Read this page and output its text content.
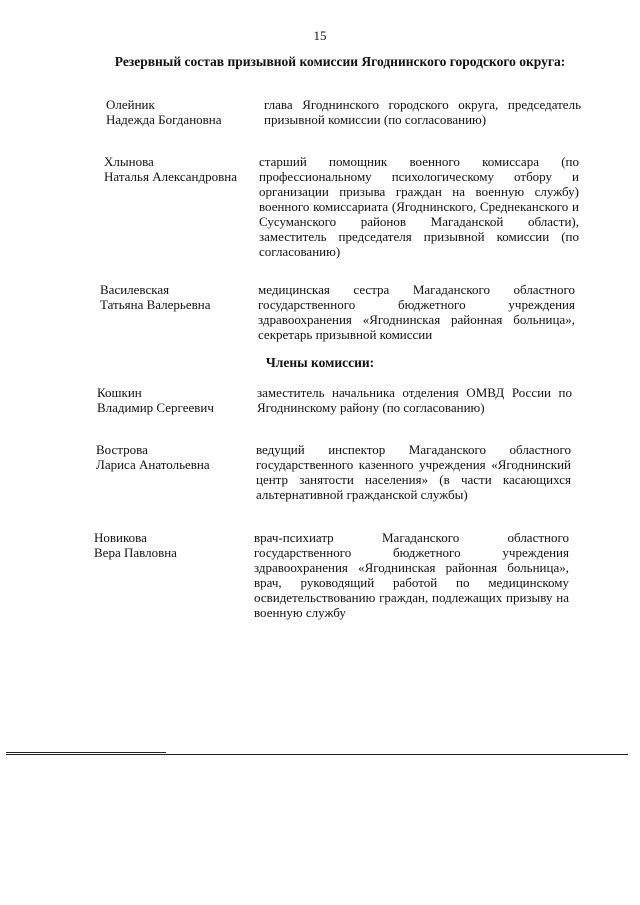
15
Резервный состав призывной комиссии Ягоднинского городского округа:
Олейник
Надежда Богдановна
глава Ягоднинского городского округа, председатель призывной комиссии (по согласованию)
Хлынова
Наталья Александровна
старший помощник военного комиссара (по профессиональному психологическому отбору и организации призыва граждан на военную службу) военного комиссариата (Ягоднинского, Среднеканского и Сусуманского районов Магаданской области), заместитель председателя призывной комиссии (по согласованию)
Василевская
Татьяна Валерьевна
медицинская сестра Магаданского областного государственного бюджетного учреждения здравоохранения «Ягоднинская районная больница», секретарь призывной комиссии
Члены комиссии:
Кошкин
Владимир Сергеевич
заместитель начальника отделения ОМВД России по Ягоднинскому району (по согласованию)
Вострова
Лариса Анатольевна
ведущий инспектор Магаданского областного государственного казенного учреждения «Ягоднинский центр занятости населения» (в части касающихся альтернативной гражданской службы)
Новикова
Вера Павловна
врач-психиатр Магаданского областного государственного бюджетного учреждения здравоохранения «Ягоднинская районная больница», врач, руководящий работой по медицинскому освидетельствованию граждан, подлежащих призыву на военную службу
